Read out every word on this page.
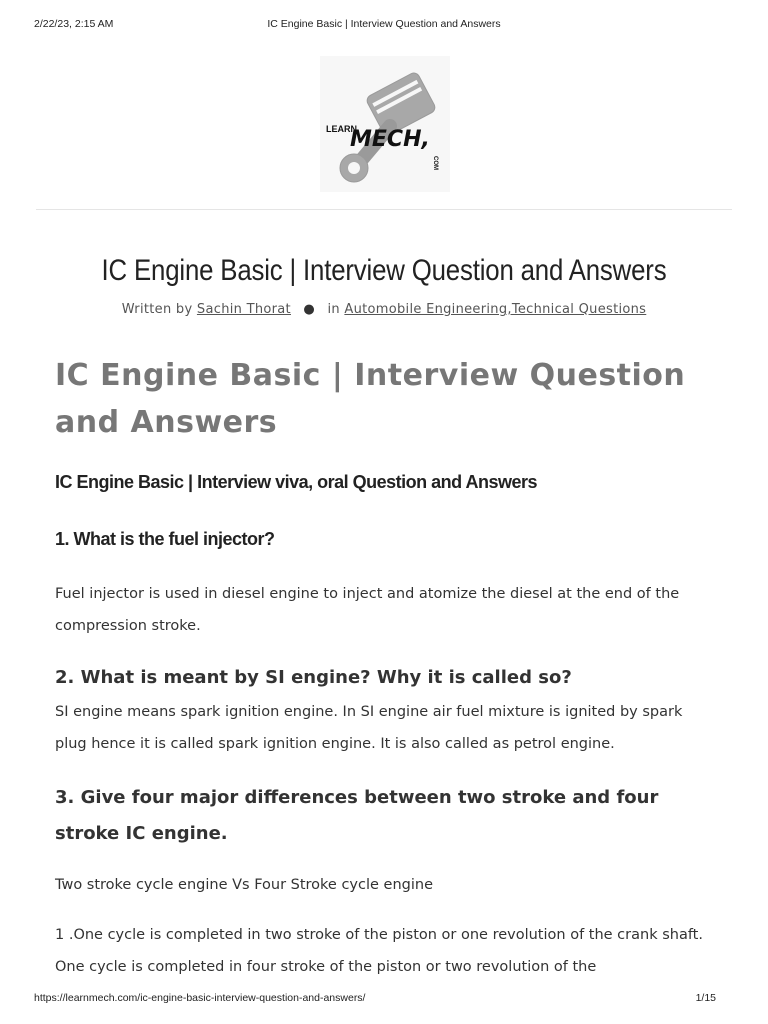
2/22/23, 2:15 AM	IC Engine Basic | Interview Question and Answers
LEARN
MECH,
COM
IC Engine Basic | Interview Question and Answers
Written by Sachin Thorat ● in Automobile Engineering,Technical Questions
IC Engine Basic | Interview Question and Answers
IC Engine Basic | Interview viva, oral Question and Answers
1. What is the fuel injector?
Fuel injector is used in diesel engine to inject and atomize the diesel at the end of the compression stroke.
2. What is meant by SI engine? Why it is called so?
SI engine means spark ignition engine. In SI engine air fuel mixture is ignited by spark plug hence it is called spark ignition engine. It is also called as petrol engine.
3. Give four major differences between two stroke and four stroke IC engine.
Two stroke cycle engine Vs Four Stroke cycle engine
1 .One cycle is completed in two stroke of the piston or one revolution of the crank shaft. One cycle is completed in four stroke of the piston or two revolution of the
https://learnmech.com/ic-engine-basic-interview-question-and-answers/	1/15
